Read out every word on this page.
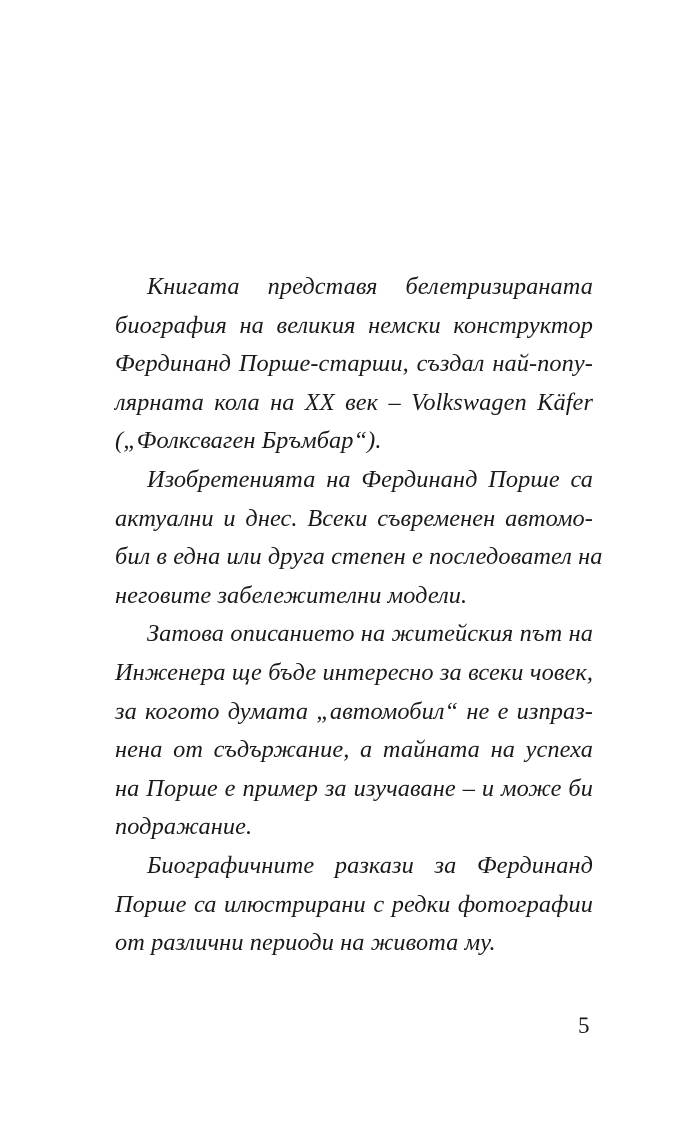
Книгата представя белетризираната
биография на великия немски конструктор
Фердинанд Порше-старши, създал най-попу-
лярната кола на XX век – Volkswagen Käfer
(„Фолксваген Бръмбар“).

Изобретенията на Фердинанд Порше са
актуални и днес. Всеки съвременен автомо-
бил в една или друга степен е последовател на
неговите забележителни модели.

Затова описанието на житейския път на
Инженера ще бъде интересно за всеки човек,
за когото думата „автомобил“ не е изпраз-
нена от съдържание, а тайната на успеха
на Порше е пример за изучаване – и може би
подражание.

Биографичните разкази за Фердинанд
Порше са илюстрирани с редки фотографии
от различни периоди на живота му.

5
